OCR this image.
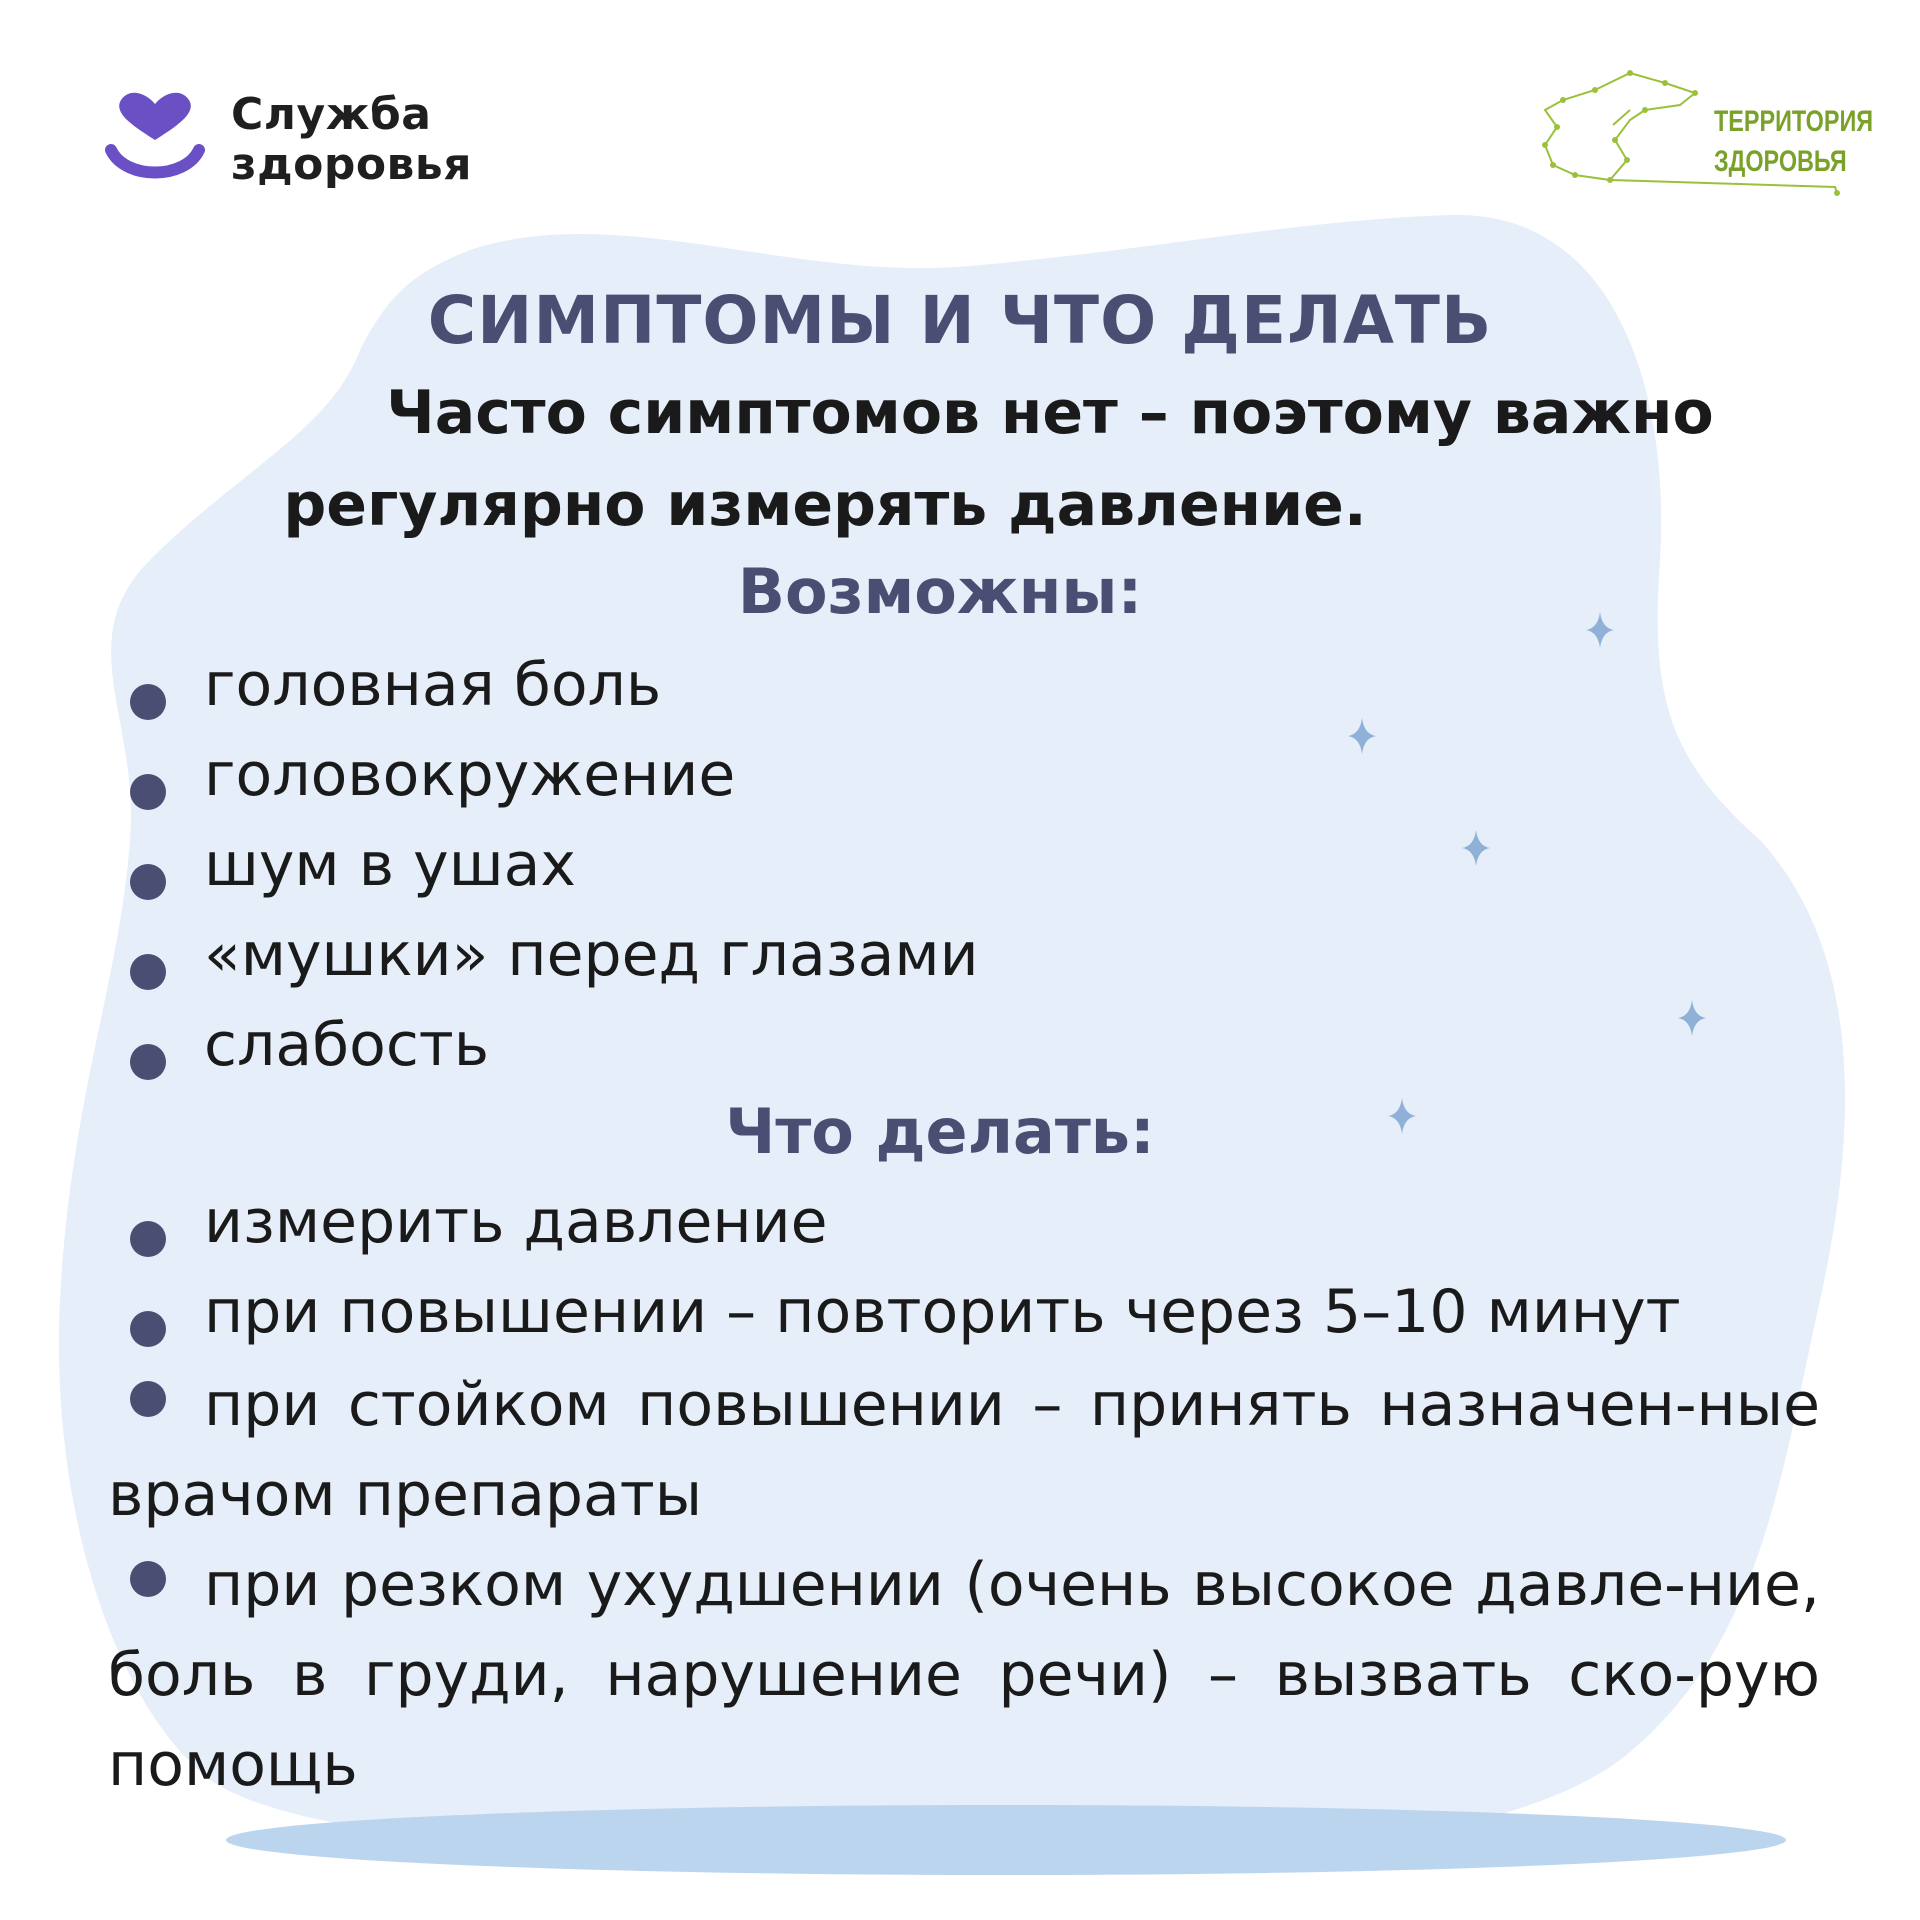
Служба
здоровья
ТЕРРИТОРИЯ
ЗДОРОВЬЯ
СИМПТОМЫ И ЧТО ДЕЛАТЬ

Часто симптомов нет – поэтому важно

регулярно измерять давление.

Возможны:
головная боль
головокружение
шум в ушах
«мушки» перед глазами
слабость
Что делать:
измерить давление
при повышении – повторить через 5–10 минут
при стойком повышении – принять назначен-ные врачом препараты
при резком ухудшении (очень высокое давле-ние, боль в груди, нарушение речи) – вызвать ско-рую помощь
